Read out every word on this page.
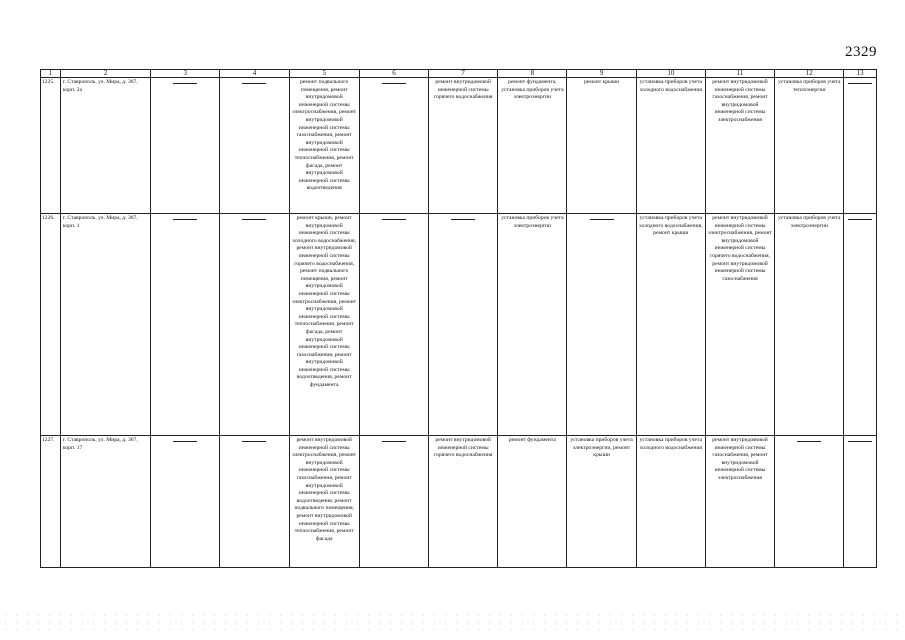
2329
1	2	3	4	5	6	7	8	9	10	11	12	13
1225.	г. Ставрополь, ул. Мира, д. 367, корп. 2а			ремонт подвального помещения, ремонт внутридомовой инженерной системы электроснабжения, ремонт внутридомовой инженерной системы газоснабжения, ремонт внутридомовой инженерной системы теплоснабжения, ремонт фасада, ремонт внутридомовой инженерной системы водоотведения		ремонт внутридомовой инженерной системы горячего водоснабжения	ремонт фундамента, установка приборов учета электроэнергии	ремонт крыши	установка приборов учета холодного водоснабжения	ремонт внутридомовой инженерной системы газоснабжения, ремонт внутридомовой инженерной системы электроснабжения	установка приборов учета теплоэнергии	
1226.	г. Ставрополь, ул. Мира, д. 367, корп. 1			ремонт крыши, ремонт внутридомовой инженерной системы холодного водоснабжения, ремонт внутридомовой инженерной системы горячего водоснабжения, ремонт подвального помещения, ремонт внутридомовой инженерной системы электроснабжения, ремонт внутридомовой инженерной системы теплоснабжения, ремонт фасада, ремонт внутридомовой инженерной системы газоснабжения, ремонт внутридомовой инженерной системы водоотведения, ремонт фундамента			установка приборов учета электроэнергии		установка приборов учета холодного водоснабжения, ремонт крыши	ремонт внутридомовой инженерной системы электроснабжения, ремонт внутридомовой инженерной системы горячего водоснабжения, ремонт внутридомовой инженерной системы газоснабжения	установка приборов учета электроэнергии	
1227.	г. Ставрополь, ул. Мира, д. 367, корп. 17			ремонт внутридомовой инженерной системы электроснабжения, ремонт внутридомовой инженерной системы газоснабжения, ремонт внутридомовой инженерной системы водоотведения, ремонт подвального помещения, ремонт внутридомовой инженерной системы теплоснабжения, ремонт фасада		ремонт внутридомовой инженерной системы горячего водоснабжения	ремонт фундамента	установка приборов учета электроэнергии, ремонт крыши	установка приборов учета холодного водоснабжения	ремонт внутридомовой инженерной системы газоснабжения, ремонт внутридомовой инженерной системы электроснабжения		
